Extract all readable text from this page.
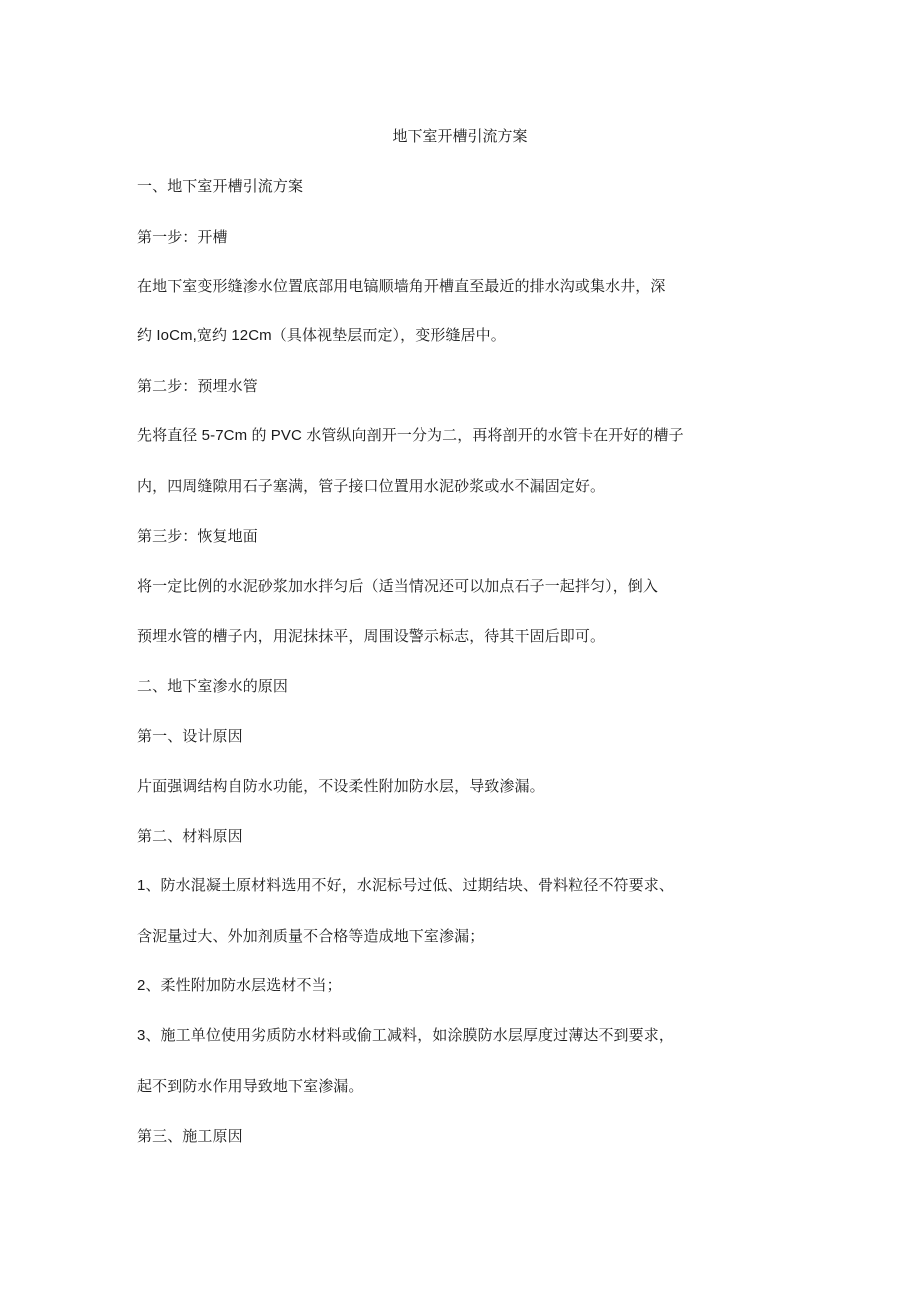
地下室开槽引流方案
一、地下室开槽引流方案
第一步：开槽
在地下室变形缝渗水位置底部用电镐顺墙角开槽直至最近的排水沟或集水井，深
约 IoCm,宽约 12Cm（具体视垫层而定），变形缝居中。
第二步：预埋水管
先将直径 5-7Cm 的 PVC 水管纵向剖开一分为二，再将剖开的水管卡在开好的槽子
内，四周缝隙用石子塞满，管子接口位置用水泥砂浆或水不漏固定好。
第三步：恢复地面
将一定比例的水泥砂浆加水拌匀后（适当情况还可以加点石子一起拌匀），倒入
预埋水管的槽子内，用泥抹抹平，周围设警示标志，待其干固后即可。
二、地下室渗水的原因
第一、设计原因
片面强调结构自防水功能，不设柔性附加防水层，导致渗漏。
第二、材料原因
1、防水混凝土原材料选用不好，水泥标号过低、过期结块、骨料粒径不符要求、
含泥量过大、外加剂质量不合格等造成地下室渗漏；
2、柔性附加防水层选材不当；
3、施工单位使用劣质防水材料或偷工减料，如涂膜防水层厚度过薄达不到要求，
起不到防水作用导致地下室渗漏。
第三、施工原因
